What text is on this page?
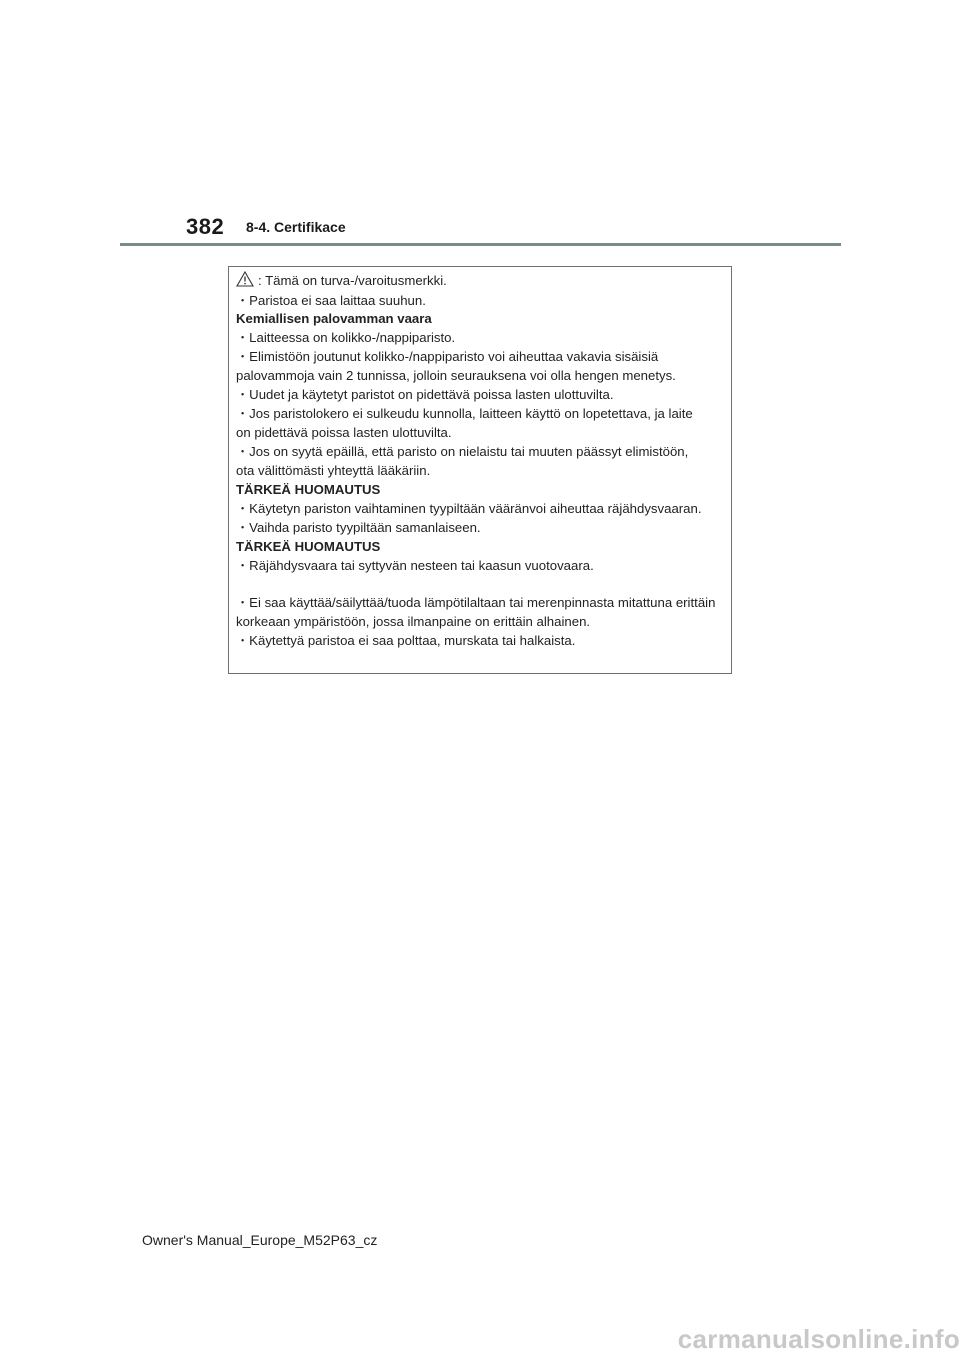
382 8-4. Certifikace
: Tämä on turva-/varoitusmerkki.
・Paristoa ei saa laittaa suuhun.
Kemiallisen palovamman vaara
・Laitteessa on kolikko-/nappiparisto.
・Elimistöön joutunut kolikko-/nappiparisto voi aiheuttaa vakavia sisäisiä
palovammoja vain 2 tunnissa, jolloin seurauksena voi olla hengen menetys.
・Uudet ja käytetyt paristot on pidettävä poissa lasten ulottuvilta.
・Jos paristolokero ei sulkeudu kunnolla, laitteen käyttö on lopetettava, ja laite
on pidettävä poissa lasten ulottuvilta.
・Jos on syytä epäillä, että paristo on nielaistu tai muuten päässyt elimistöön,
ota välittömästi yhteyttä lääkäriin.
TÄRKEÄ HUOMAUTUS
・Käytetyn pariston vaihtaminen tyypiltään vääränvoi aiheuttaa räjähdysvaaran.
・Vaihda paristo tyypiltään samanlaiseen.
TÄRKEÄ HUOMAUTUS
・Räjähdysvaara tai syttyvän nesteen tai kaasun vuotovaara.
・Ei saa käyttää/säilyttää/tuoda lämpötilaltaan tai merenpinnasta mitattuna erittäin
korkeaan ympäristöön, jossa ilmanpaine on erittäin alhainen.
・Käytettyä paristoa ei saa polttaa, murskata tai halkaista.
Owner's Manual_Europe_M52P63_cz
carmanualsonline.info
